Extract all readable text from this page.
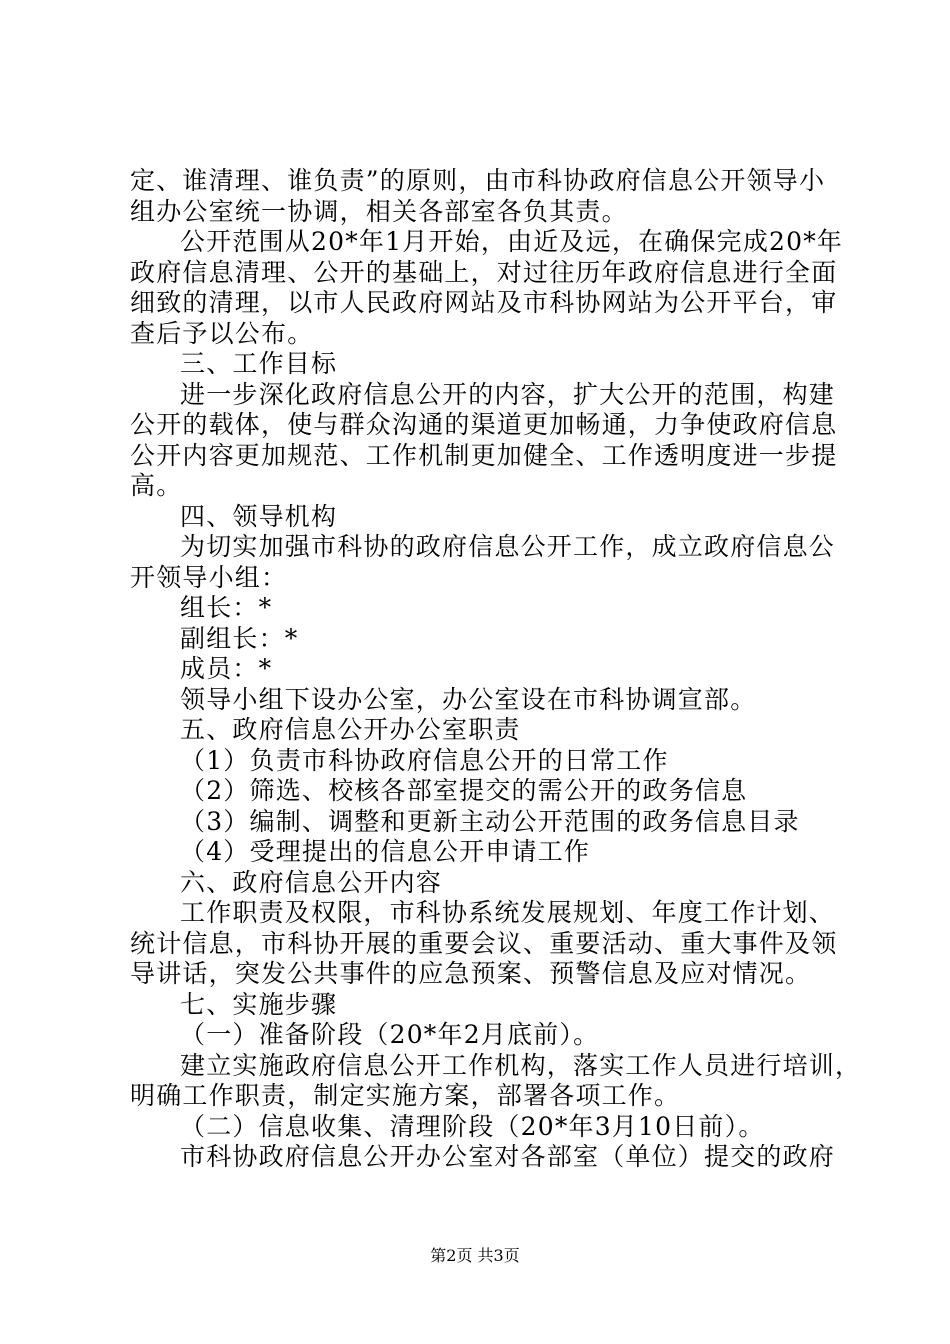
定、谁清理、谁负责”的原则，由市科协政府信息公开领导小
组办公室统一协调，相关各部室各负其责。
公开范围从20*年1月开始，由近及远，在确保完成20*年
政府信息清理、公开的基础上，对过往历年政府信息进行全面
细致的清理，以市人民政府网站及市科协网站为公开平台，审
查后予以公布。
三、工作目标
进一步深化政府信息公开的内容，扩大公开的范围，构建
公开的载体，使与群众沟通的渠道更加畅通，力争使政府信息
公开内容更加规范、工作机制更加健全、工作透明度进一步提
高。
四、领导机构
为切实加强市科协的政府信息公开工作，成立政府信息公
开领导小组：
组长：*
副组长：*
成员：*
领导小组下设办公室，办公室设在市科协调宣部。
五、政府信息公开办公室职责
（1）负责市科协政府信息公开的日常工作
（2）筛选、校核各部室提交的需公开的政务信息
（3）编制、调整和更新主动公开范围的政务信息目录
（4）受理提出的信息公开申请工作
六、政府信息公开内容
工作职责及权限，市科协系统发展规划、年度工作计划、
统计信息，市科协开展的重要会议、重要活动、重大事件及领
导讲话，突发公共事件的应急预案、预警信息及应对情况。
七、实施步骤
（一）准备阶段（20*年2月底前）。
建立实施政府信息公开工作机构，落实工作人员进行培训，
明确工作职责，制定实施方案，部署各项工作。
（二）信息收集、清理阶段（20*年3月10日前）。
市科协政府信息公开办公室对各部室（单位）提交的政府
第2页 共3页
